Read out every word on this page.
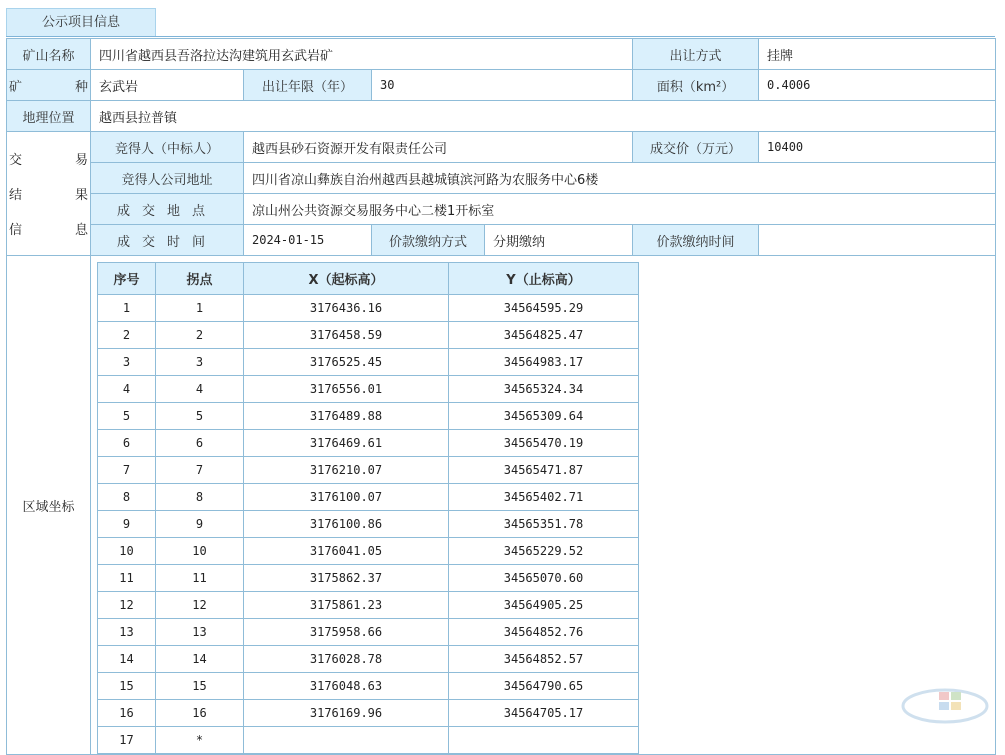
公示项目信息
矿山名称	四川省越西县吾洛拉达沟建筑用玄武岩矿	出让方式	挂牌

矿	种	玄武岩	出让年限（年）	30	面积（km²）	0.4006
地理位置	越西县拉普镇

交	易
结	果
信	息
	竞得人（中标人）	越西县砂石资源开发有限责任公司	成交价（万元）	10400
竞得人公司地址	四川省凉山彝族自治州越西县越城镇滨河路为农服务中心6楼
成交地点	凉山州公共资源交易服务中心二楼1开标室
成交时间	2024-01-15	价款缴纳方式	分期缴纳	价款缴纳时间	
区域坐标	
序号	拐点	X（起标高）	Y（止标高）
1	1	3176436.16	34564595.29
2	2	3176458.59	34564825.47
3	3	3176525.45	34564983.17
4	4	3176556.01	34565324.34
5	5	3176489.88	34565309.64
6	6	3176469.61	34565470.19
7	7	3176210.07	34565471.87
8	8	3176100.07	34565402.71
9	9	3176100.86	34565351.78
10	10	3176041.05	34565229.52
11	11	3175862.37	34565070.60
12	12	3175861.23	34564905.25
13	13	3175958.66	34564852.76
14	14	3176028.78	34564852.57
15	15	3176048.63	34564790.65
16	16	3176169.96	34564705.17
17	*		
